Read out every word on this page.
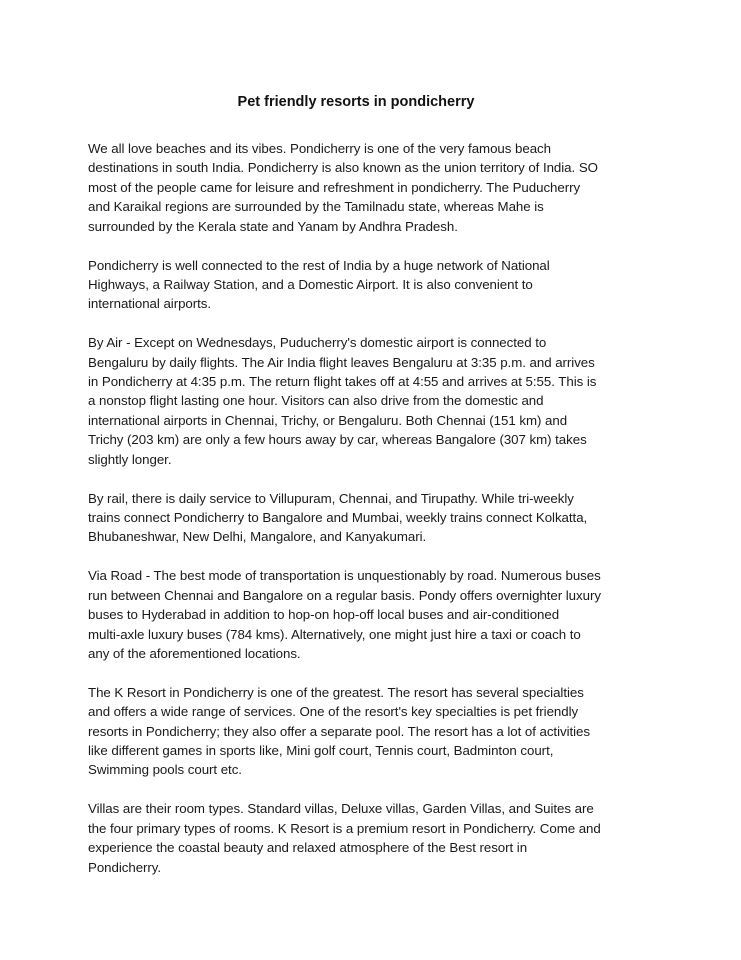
Pet friendly resorts in pondicherry

We all love beaches and its vibes. Pondicherry is one of the very famous beach
destinations in south India. Pondicherry is also known as the union territory of India. SO
most of the people came for leisure and refreshment in pondicherry. The Puducherry
and Karaikal regions are surrounded by the Tamilnadu state, whereas Mahe is
surrounded by the Kerala state and Yanam by Andhra Pradesh.

Pondicherry is well connected to the rest of India by a huge network of National
Highways, a Railway Station, and a Domestic Airport. It is also convenient to
international airports.

By Air - Except on Wednesdays, Puducherry's domestic airport is connected to
Bengaluru by daily flights. The Air India flight leaves Bengaluru at 3:35 p.m. and arrives
in Pondicherry at 4:35 p.m. The return flight takes off at 4:55 and arrives at 5:55. This is
a nonstop flight lasting one hour. Visitors can also drive from the domestic and
international airports in Chennai, Trichy, or Bengaluru. Both Chennai (151 km) and
Trichy (203 km) are only a few hours away by car, whereas Bangalore (307 km) takes
slightly longer.

By rail, there is daily service to Villupuram, Chennai, and Tirupathy. While tri-weekly
trains connect Pondicherry to Bangalore and Mumbai, weekly trains connect Kolkatta,
Bhubaneshwar, New Delhi, Mangalore, and Kanyakumari.

Via Road - The best mode of transportation is unquestionably by road. Numerous buses
run between Chennai and Bangalore on a regular basis. Pondy offers overnighter luxury
buses to Hyderabad in addition to hop-on hop-off local buses and air-conditioned
multi-axle luxury buses (784 kms). Alternatively, one might just hire a taxi or coach to
any of the aforementioned locations.

The K Resort in Pondicherry is one of the greatest. The resort has several specialties
and offers a wide range of services. One of the resort's key specialties is pet friendly
resorts in Pondicherry; they also offer a separate pool. The resort has a lot of activities
like different games in sports like, Mini golf court, Tennis court, Badminton court,
Swimming pools court etc.

Villas are their room types. Standard villas, Deluxe villas, Garden Villas, and Suites are
the four primary types of rooms. K Resort is a premium resort in Pondicherry. Come and
experience the coastal beauty and relaxed atmosphere of the Best resort in
Pondicherry.
